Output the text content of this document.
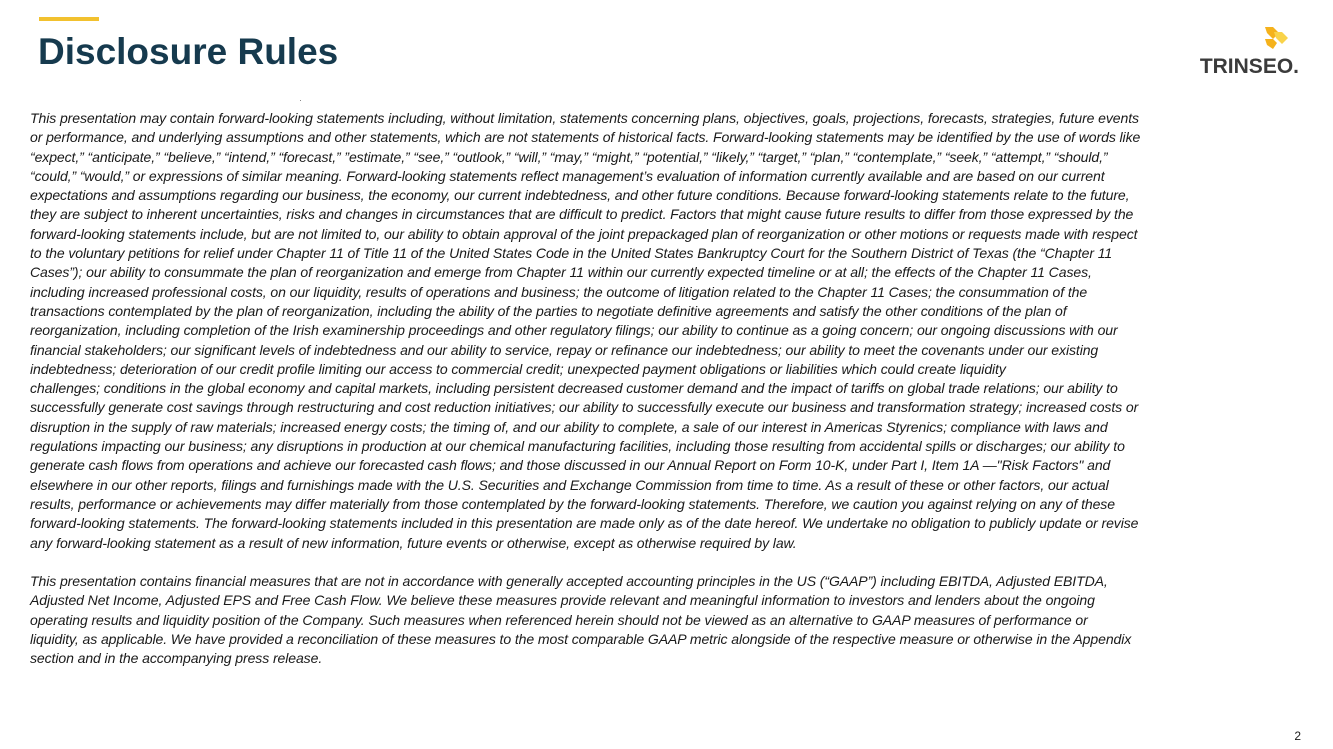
Disclosure Rules	TRINSEO.

This presentation may contain forward-looking statements including, without limitation, statements concerning plans, objectives, goals, projections, forecasts, strategies, future events
or performance, and underlying assumptions and other statements, which are not statements of historical facts. Forward-looking statements may be identified by the use of words like
“expect,” “anticipate,” “believe,” “intend,” “forecast,” ”estimate,” “see,” “outlook,” “will,” “may,” “might,” “potential,” “likely,” “target,” “plan,” “contemplate,” “seek,” “attempt,” “should,”
“could,” “would,” or expressions of similar meaning. Forward-looking statements reflect management’s evaluation of information currently available and are based on our current
expectations and assumptions regarding our business, the economy, our current indebtedness, and other future conditions. Because forward-looking statements relate to the future,
they are subject to inherent uncertainties, risks and changes in circumstances that are difficult to predict. Factors that might cause future results to differ from those expressed by the
forward-looking statements include, but are not limited to, our ability to obtain approval of the joint prepackaged plan of reorganization or other motions or requests made with respect
to the voluntary petitions for relief under Chapter 11 of Title 11 of the United States Code in the United States Bankruptcy Court for the Southern District of Texas (the “Chapter 11
Cases”); our ability to consummate the plan of reorganization and emerge from Chapter 11 within our currently expected timeline or at all; the effects of the Chapter 11 Cases,
including increased professional costs, on our liquidity, results of operations and business; the outcome of litigation related to the Chapter 11 Cases; the consummation of the
transactions contemplated by the plan of reorganization, including the ability of the parties to negotiate definitive agreements and satisfy the other conditions of the plan of
reorganization, including completion of the Irish examinership proceedings and other regulatory filings; our ability to continue as a going concern; our ongoing discussions with our
financial stakeholders; our significant levels of indebtedness and our ability to service, repay or refinance our indebtedness; our ability to meet the covenants under our existing
indebtedness; deterioration of our credit profile limiting our access to commercial credit; unexpected payment obligations or liabilities which could create liquidity
challenges; conditions in the global economy and capital markets, including persistent decreased customer demand and the impact of tariffs on global trade relations; our ability to
successfully generate cost savings through restructuring and cost reduction initiatives; our ability to successfully execute our business and transformation strategy; increased costs or
disruption in the supply of raw materials; increased energy costs; the timing of, and our ability to complete, a sale of our interest in Americas Styrenics; compliance with laws and
regulations impacting our business; any disruptions in production at our chemical manufacturing facilities, including those resulting from accidental spills or discharges; our ability to
generate cash flows from operations and achieve our forecasted cash flows; and those discussed in our Annual Report on Form 10-K, under Part I, Item 1A —"Risk Factors" and
elsewhere in our other reports, filings and furnishings made with the U.S. Securities and Exchange Commission from time to time. As a result of these or other factors, our actual
results, performance or achievements may differ materially from those contemplated by the forward-looking statements. Therefore, we caution you against relying on any of these
forward-looking statements. The forward-looking statements included in this presentation are made only as of the date hereof. We undertake no obligation to publicly update or revise
any forward-looking statement as a result of new information, future events or otherwise, except as otherwise required by law.

This presentation contains financial measures that are not in accordance with generally accepted accounting principles in the US (“GAAP”) including EBITDA, Adjusted EBITDA,
Adjusted Net Income, Adjusted EPS and Free Cash Flow. We believe these measures provide relevant and meaningful information to investors and lenders about the ongoing
operating results and liquidity position of the Company. Such measures when referenced herein should not be viewed as an alternative to GAAP measures of performance or
liquidity, as applicable. We have provided a reconciliation of these measures to the most comparable GAAP metric alongside of the respective measure or otherwise in the Appendix
section and in the accompanying press release.

2
